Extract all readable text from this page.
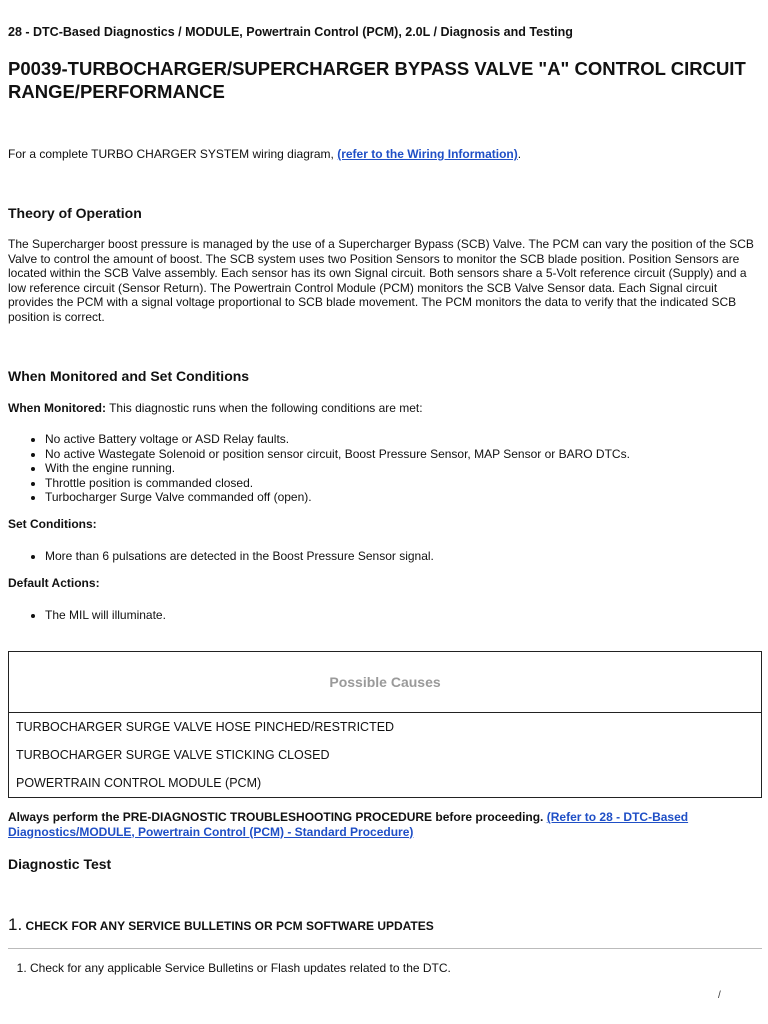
28 - DTC-Based Diagnostics / MODULE, Powertrain Control (PCM), 2.0L / Diagnosis and Testing
P0039-TURBOCHARGER/SUPERCHARGER BYPASS VALVE "A" CONTROL CIRCUIT RANGE/PERFORMANCE
For a complete TURBO CHARGER SYSTEM wiring diagram, (refer to the Wiring Information).
Theory of Operation

The Supercharger boost pressure is managed by the use of a Supercharger Bypass (SCB) Valve. The PCM can vary the position of the SCB Valve to control the amount of boost. The SCB system uses two Position Sensors to monitor the SCB blade position. Position Sensors are located within the SCB Valve assembly. Each sensor has its own Signal circuit. Both sensors share a 5-Volt reference circuit (Supply) and a low reference circuit (Sensor Return). The Powertrain Control Module (PCM) monitors the SCB Valve Sensor data. Each Signal circuit provides the PCM with a signal voltage proportional to SCB blade movement. The PCM monitors the data to verify that the indicated SCB position is correct.

When Monitored and Set Conditions

When Monitored: This diagnostic runs when the following conditions are met:

• No active Battery voltage or ASD Relay faults.
• No active Wastegate Solenoid or position sensor circuit, Boost Pressure Sensor, MAP Sensor or BARO DTCs.
• With the engine running.
• Throttle position is commanded closed.
• Turbocharger Surge Valve commanded off (open).

Set Conditions:

• More than 6 pulsations are detected in the Boost Pressure Sensor signal.

Default Actions:

• The MIL will illuminate.
Possible Causes
TURBOCHARGER SURGE VALVE HOSE PINCHED/RESTRICTED
TURBOCHARGER SURGE VALVE STICKING CLOSED
POWERTRAIN CONTROL MODULE (PCM)

Always perform the PRE-DIAGNOSTIC TROUBLESHOOTING PROCEDURE before proceeding. (Refer to 28 - DTC-Based Diagnostics/MODULE, Powertrain Control (PCM) - Standard Procedure)

Diagnostic Test

1. CHECK FOR ANY SERVICE BULLETINS OR PCM SOFTWARE UPDATES

1. Check for any applicable Service Bulletins or Flash updates related to the DTC.
/
